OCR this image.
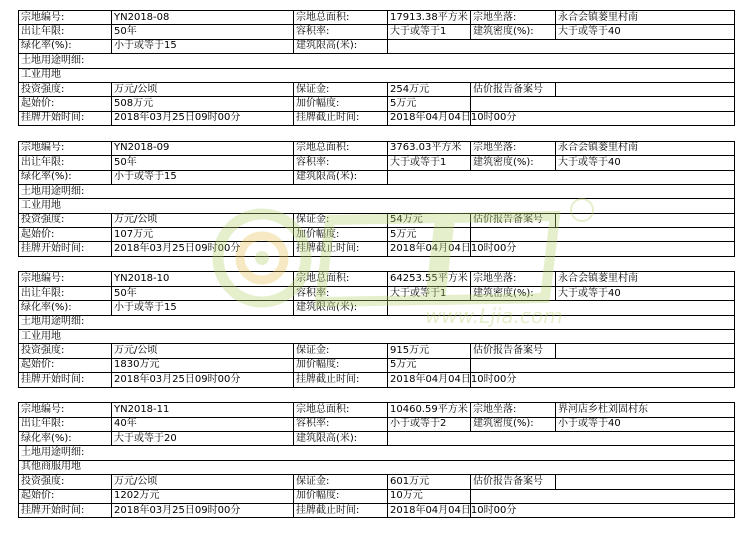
宗地编号:	YN2018-08	宗地总面积:	17913.38平方米	宗地坐落:	永合会镇蒌里村南
出让年限:	50年	容积率:	大于或等于1	建筑密度(%):	大于或等于40
绿化率(%):	小于或等于15	建筑限高(米):			
土地用途明细:					
工业用地					
投资强度:	万元/公顷	保证金:	254万元	估价报告备案号	
起始价:	508万元	加价幅度:	5万元		
挂牌开始时间:	2018年03月25日09时00分	挂牌截止时间:	2018年04月04日10时00分		
宗地编号:	YN2018-09	宗地总面积:	3763.03平方米	宗地坐落:	永合会镇蒌里村南
出让年限:	50年	容积率:	大于或等于1	建筑密度(%):	大于或等于40
绿化率(%):	小于或等于15	建筑限高(米):			
土地用途明细:					
工业用地					
投资强度:	万元/公顷	保证金:	54万元	估价报告备案号	
起始价:	107万元	加价幅度:	5万元		
挂牌开始时间:	2018年03月25日09时00分	挂牌截止时间:	2018年04月04日10时00分		
宗地编号:	YN2018-10	宗地总面积:	64253.55平方米	宗地坐落:	永合会镇蒌里村南
出让年限:	50年	容积率:	大于或等于1	建筑密度(%):	大于或等于40
绿化率(%):	小于或等于15	建筑限高(米):			
土地用途明细:					
工业用地					
投资强度:	万元/公顷	保证金:	915万元	估价报告备案号	
起始价:	1830万元	加价幅度:	5万元		
挂牌开始时间:	2018年03月25日09时00分	挂牌截止时间:	2018年04月04日10时00分		
宗地编号:	YN2018-11	宗地总面积:	10460.59平方米	宗地坐落:	界河店乡杜刘固村东
出让年限:	40年	容积率:	小于或等于2	建筑密度(%):	小于或等于40
绿化率(%):	大于或等于20	建筑限高(米):			
土地用途明细:					
其他商服用地					
投资强度:	万元/公顷	保证金:	601万元	估价报告备案号	
起始价:	1202万元	加价幅度:	10万元		
挂牌开始时间:	2018年03月25日09时00分	挂牌截止时间:	2018年04月04日10时00分		
www.Ljia.com
